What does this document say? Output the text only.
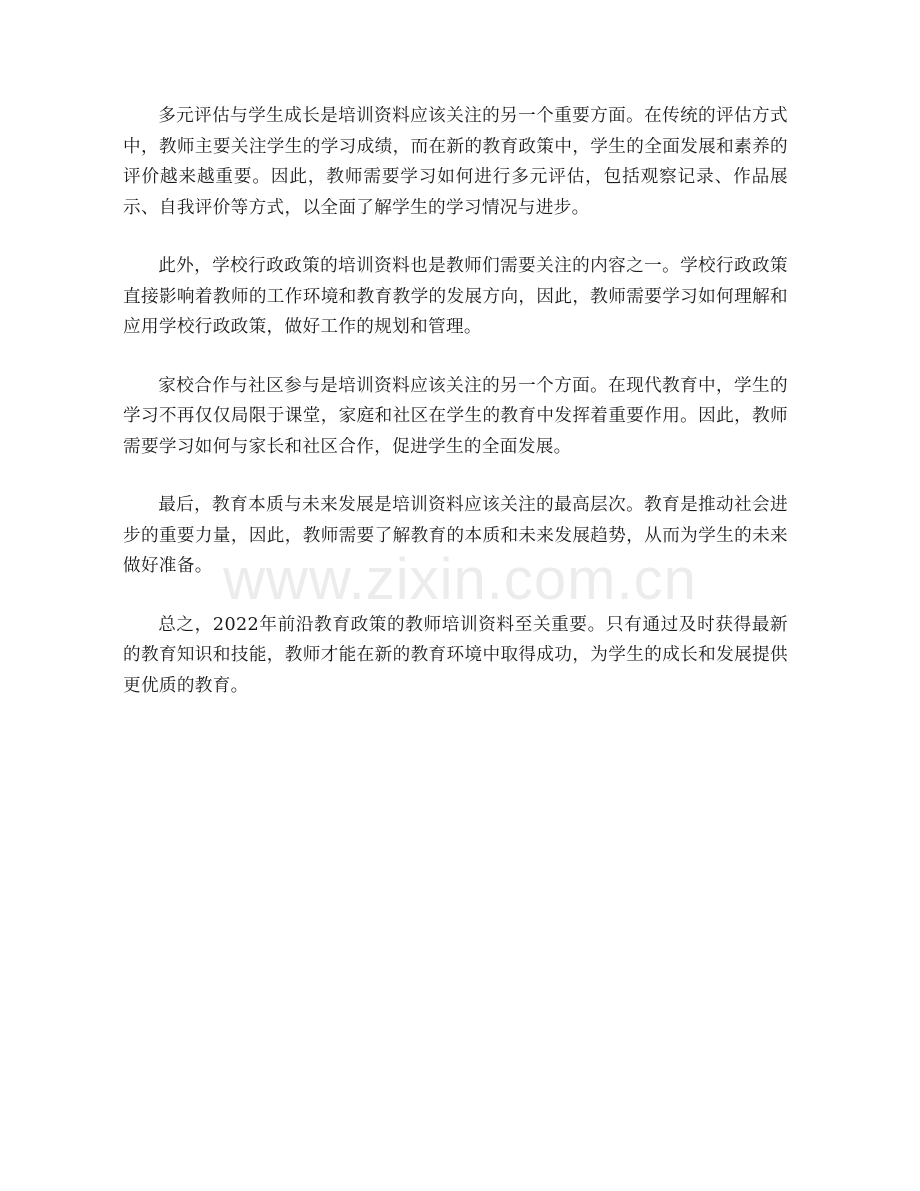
多元评估与学生成长是培训资料应该关注的另一个重要方面。在传统的评估方式中，教师主要关注学生的学习成绩，而在新的教育政策中，学生的全面发展和素养的评价越来越重要。因此，教师需要学习如何进行多元评估，包括观察记录、作品展示、自我评价等方式，以全面了解学生的学习情况与进步。

此外，学校行政政策的培训资料也是教师们需要关注的内容之一。学校行政政策直接影响着教师的工作环境和教育教学的发展方向，因此，教师需要学习如何理解和应用学校行政政策，做好工作的规划和管理。

家校合作与社区参与是培训资料应该关注的另一个方面。在现代教育中，学生的学习不再仅仅局限于课堂，家庭和社区在学生的教育中发挥着重要作用。因此，教师需要学习如何与家长和社区合作，促进学生的全面发展。

最后，教育本质与未来发展是培训资料应该关注的最高层次。教育是推动社会进步的重要力量，因此，教师需要了解教育的本质和未来发展趋势，从而为学生的未来做好准备。

总之，2022年前沿教育政策的教师培训资料至关重要。只有通过及时获得最新的教育知识和技能，教师才能在新的教育环境中取得成功，为学生的成长和发展提供更优质的教育。

www.zixin.com.cn
